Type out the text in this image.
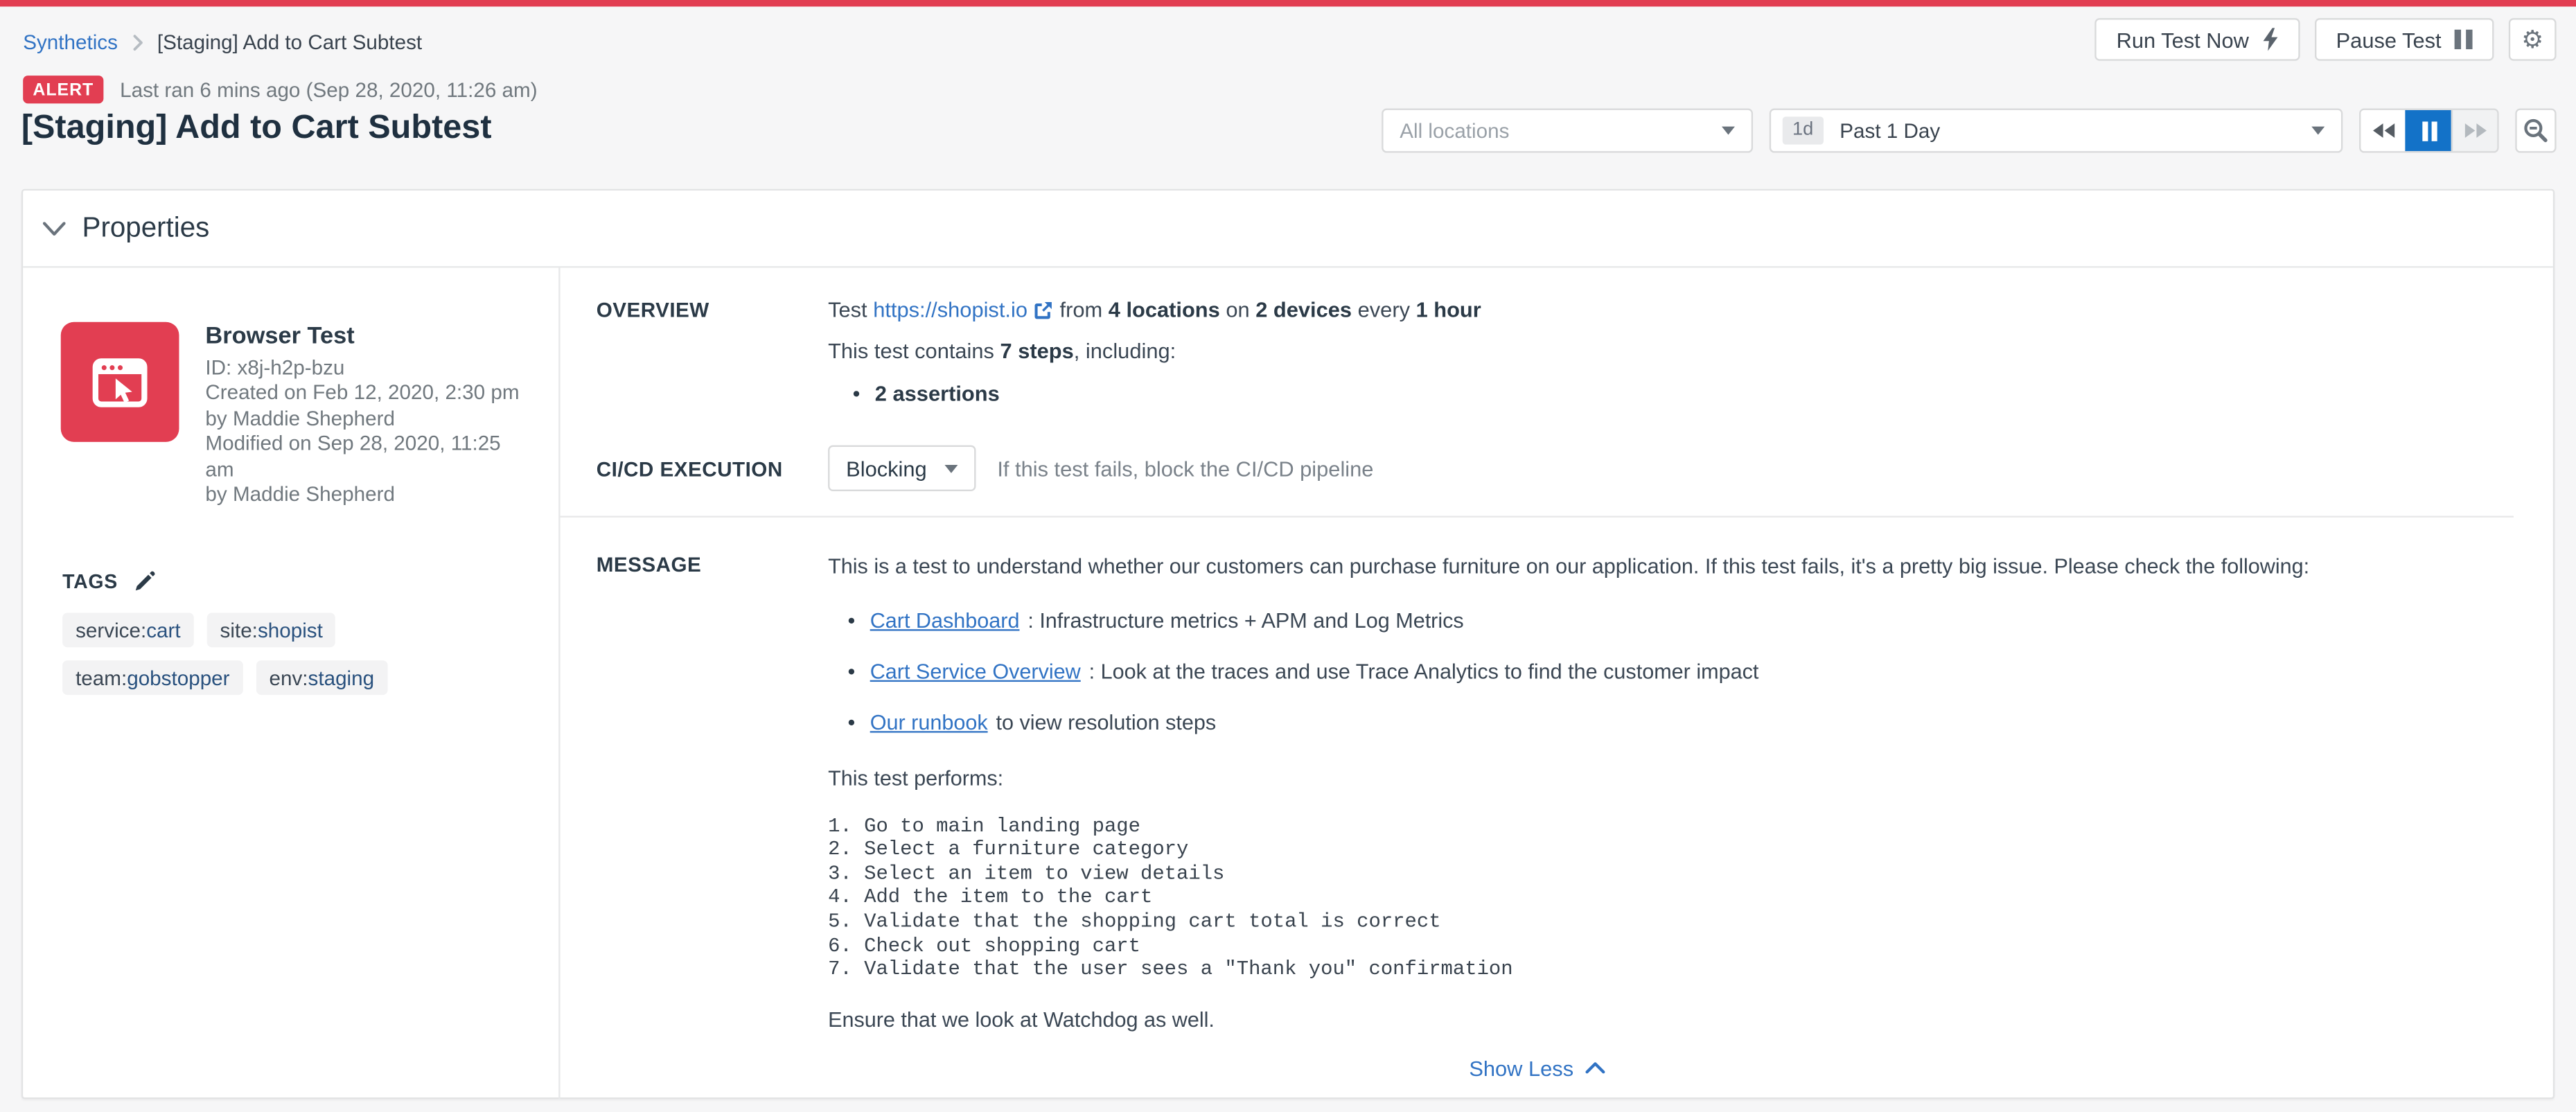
Synthetics	[Staging] Add to Cart Subtest	Run Test Now	Pause Test	⚙
ALERT	Last ran 6 mins ago (Sep 28, 2020, 11:26 am)
[Staging] Add to Cart Subtest	All locations	1d	Past 1 Day
Properties
Browser Test
ID: x8j-h2p-bzu
Created on Feb 12, 2020, 2:30 pm
by Maddie Shepherd
Modified on Sep 28, 2020, 11:25 am
by Maddie Shepherd
TAGS
service:cart	site:shopist
team:gobstopper	env:staging
OVERVIEW	Test https://shopist.io	from 4 locations on 2 devices every 1 hour
This test contains 7 steps, including:
• 2 assertions
CI/CD EXECUTION	Blocking	If this test fails, block the CI/CD pipeline
MESSAGE	This is a test to understand whether our customers can purchase furniture on our application. If this test fails, it's a pretty big issue. Please check the following:
• Cart Dashboard : Infrastructure metrics + APM and Log Metrics
• Cart Service Overview : Look at the traces and use Trace Analytics to find the customer impact
• Our runbook to view resolution steps
This test performs:
1. Go to main landing page
2. Select a furniture category
3. Select an item to view details
4. Add the item to the cart
5. Validate that the shopping cart total is correct
6. Check out shopping cart
7. Validate that the user sees a "Thank you" confirmation
Ensure that we look at Watchdog as well.
Show Less
